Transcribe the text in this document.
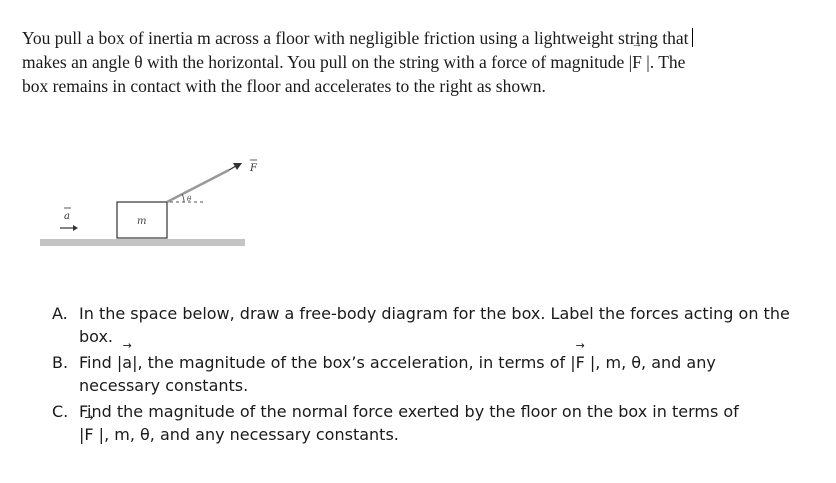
You pull a box of inertia m across a floor with negligible friction using a lightweight string that
makes an angle θ with the horizontal. You pull on the string with a force of magnitude |→ F |. The
box remains in contact with the floor and accelerates to the right as shown.

a	m
θ
F
A. In the space below, draw a free-body diagram for the box. Label the forces acting on the box.
B. Find |→ a|, the magnitude of the box’s acceleration, in terms of |→ F |, m, θ, and any necessary constants.
C. Find the magnitude of the normal force exerted by the floor on the box in terms of
|→ F |, m, θ, and any necessary constants.
